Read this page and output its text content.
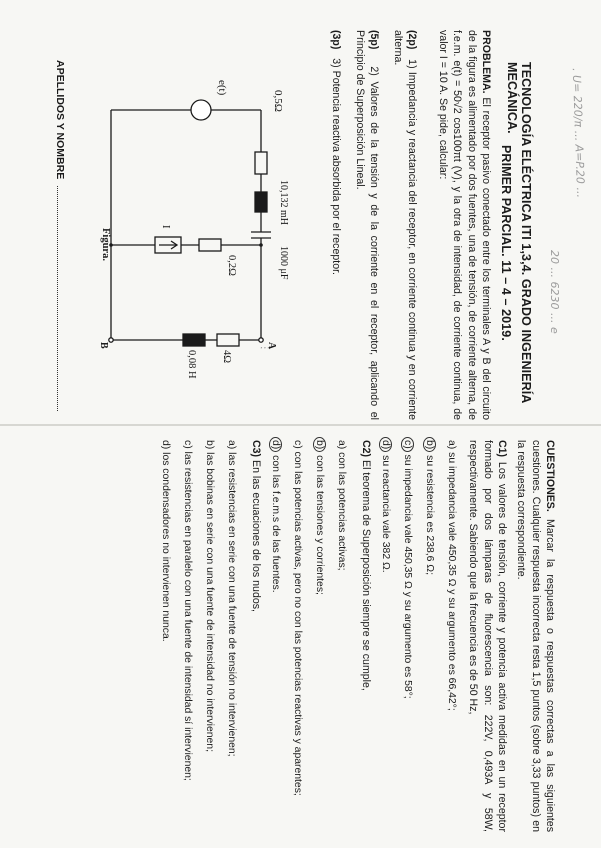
. U= 220/π ... A=P.20 ...
20 ... 6230 ... e
...	TECNOLOGÍA ELÉCTRICA ITI 1,3,4. GRADO INGENIERÍA MECÁNICA.
PRIMER PARCIAL. 11 – 4 – 2019.
PROBLEMA. El receptor pasivo conectado entre los terminales A y B del circuito de la figura es alimentado por dos fuentes, una de tensión, de corriente alterna, de f.e.m. e(t) = 50√2 cos100πt (V), y la otra de intensidad, de corriente continua, de valor I = 10 A. Se pide, calcular:
(2p)   1) Impedancia y reactancia del receptor, en corriente continua y en corriente alterna.
(5p)   2) Valores de la tensión y de la corriente en el receptor, aplicando el Principio de Superposición Lineal.
(3p)   3) Potencia reactiva absorbida por el receptor.
0,5Ω
e(t)
10,132 mH
1000 μF
0,2Ω
I
4Ω
0,08 H
A
B
Figura.
APELLIDOS Y NOMBRE
CUESTIONES. Marcar la respuesta o respuestas correctas a las siguientes cuestiones. Cualquier respuesta incorrecta resta 1,5 puntos (sobre 3,33 puntos) en la respuesta correspondiente.
C1) Los valores de tensión, corriente y potencia activa medidas en un receptor formado por dos lámparas de fluorescencia son: 222V, 0,493A y 58W, respectivamente. Sabiendo que la frecuencia es de 50 Hz,
a) su impedancia vale 450,35 Ω y su argumento es 66,42°;
b) su resistencia es 238,6 Ω;
c) su impedancia vale 450,35 Ω y su argumento es 58°;
d) su reactancia vale 382 Ω.
C2) El teorema de Superposición siempre se cumple,
a) con las potencias activas;
b) con las tensiones y corrientes;
c) con las potencias activas, pero no con las potencias reactivas y aparentes;
d) con las f.e.m.s de las fuentes.
C3) En las ecuaciones de los nudos,
a) las resistencias en serie con una fuente de tensión no intervienen;
b) las bobinas en serie con una fuente de intensidad no intervienen;
c) las resistencias en paralelo con una fuente de intensidad sí intervienen;
d) los condensadores no intervienen nunca.
